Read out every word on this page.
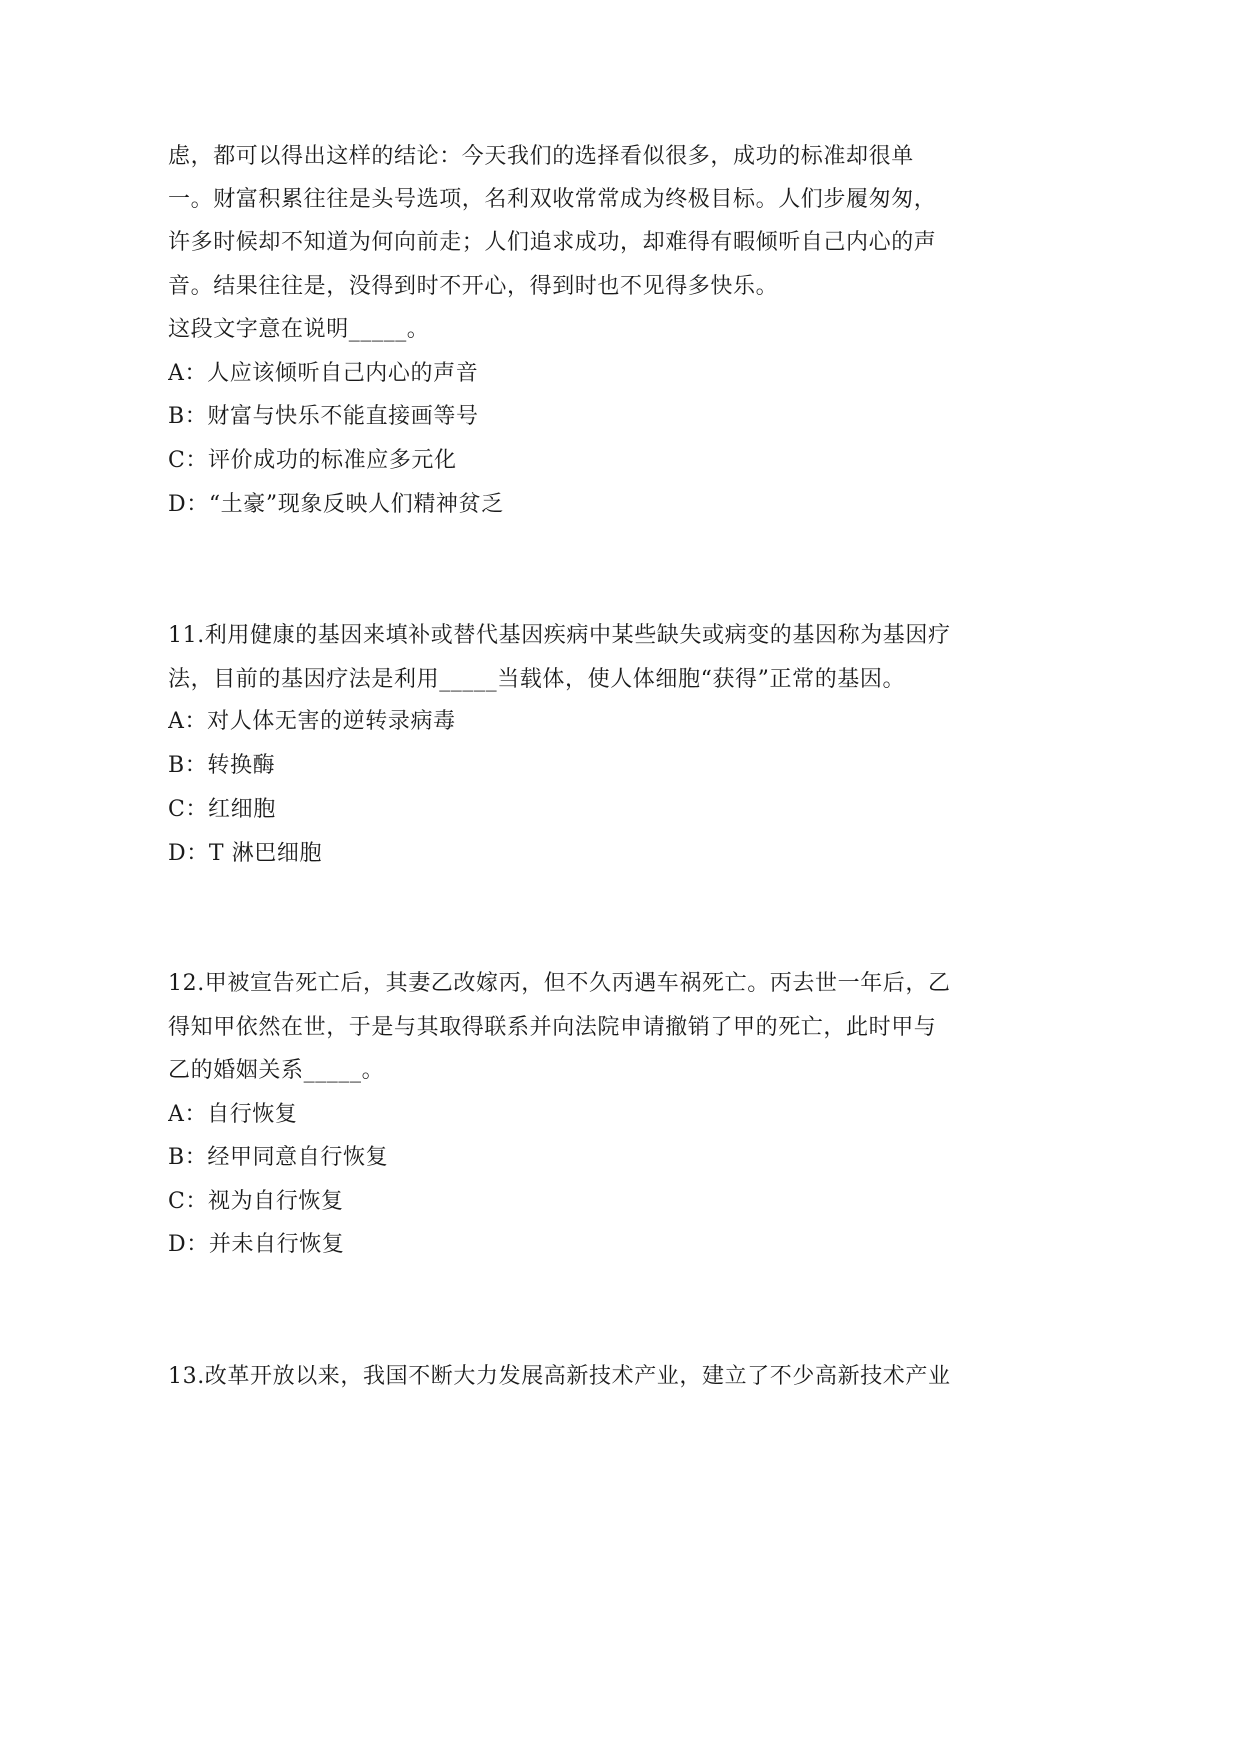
虑，都可以得出这样的结论：今天我们的选择看似很多，成功的标准却很单
一。财富积累往往是头号选项，名利双收常常成为终极目标。人们步履匆匆，
许多时候却不知道为何向前走；人们追求成功，却难得有暇倾听自己内心的声
音。结果往往是，没得到时不开心，得到时也不见得多快乐。
这段文字意在说明_____。
A：人应该倾听自己内心的声音
B：财富与快乐不能直接画等号
C：评价成功的标准应多元化
D：“土豪”现象反映人们精神贫乏
11.利用健康的基因来填补或替代基因疾病中某些缺失或病变的基因称为基因疗
法，目前的基因疗法是利用_____当载体，使人体细胞“获得”正常的基因。
A：对人体无害的逆转录病毒
B：转换酶
C：红细胞
D：T 淋巴细胞
12.甲被宣告死亡后，其妻乙改嫁丙，但不久丙遇车祸死亡。丙去世一年后，乙
得知甲依然在世，于是与其取得联系并向法院申请撤销了甲的死亡，此时甲与
乙的婚姻关系_____。
A：自行恢复
B：经甲同意自行恢复
C：视为自行恢复
D：并未自行恢复
13.改革开放以来，我国不断大力发展高新技术产业，建立了不少高新技术产业
